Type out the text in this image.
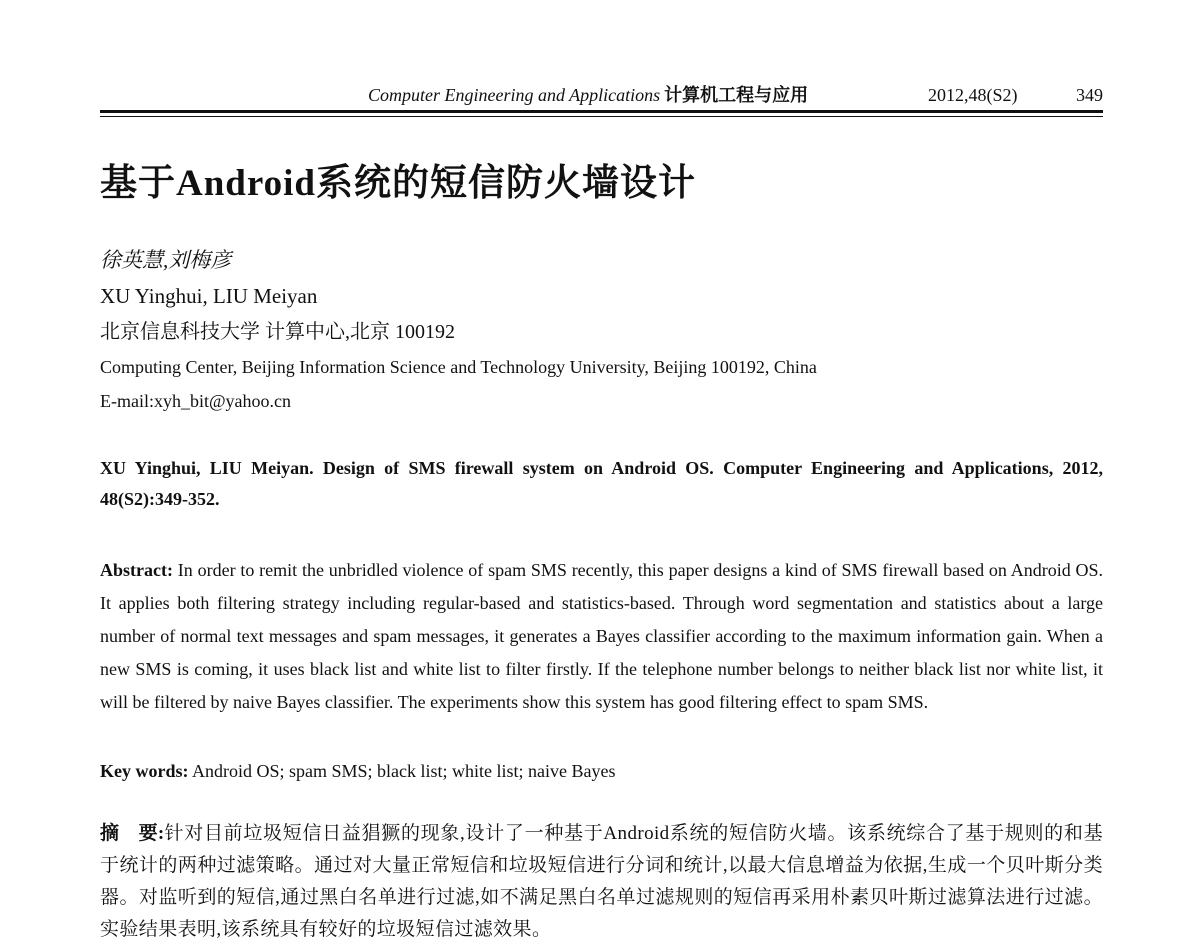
Computer Engineering and Applications 计算机工程与应用	2012,48(S2)	349
基于Android系统的短信防火墙设计
徐英慧,刘梅彦
XU Yinghui, LIU Meiyan
北京信息科技大学 计算中心,北京 100192
Computing Center, Beijing Information Science and Technology University, Beijing 100192, China
E-mail:xyh_bit@yahoo.cn
XU Yinghui, LIU Meiyan. Design of SMS firewall system on Android OS. Computer Engineering and Applications, 2012, 48(S2):349-352.
Abstract: In order to remit the unbridled violence of spam SMS recently, this paper designs a kind of SMS firewall based on Android OS. It applies both filtering strategy including regular-based and statistics-based. Through word segmentation and statistics about a large number of normal text messages and spam messages, it generates a Bayes classifier according to the maximum information gain. When a new SMS is coming, it uses black list and white list to filter firstly. If the telephone number belongs to neither black list nor white list, it will be filtered by naive Bayes classifier. The experiments show this system has good filtering effect to spam SMS.
Key words: Android OS; spam SMS; black list; white list; naive Bayes
摘　要:针对目前垃圾短信日益猖獗的现象,设计了一种基于Android系统的短信防火墙。该系统综合了基于规则的和基于统计的两种过滤策略。通过对大量正常短信和垃圾短信进行分词和统计,以最大信息增益为依据,生成一个贝叶斯分类器。对监听到的短信,通过黑白名单进行过滤,如不满足黑白名单过滤规则的短信再采用朴素贝叶斯过滤算法进行过滤。实验结果表明,该系统具有较好的垃圾短信过滤效果。
